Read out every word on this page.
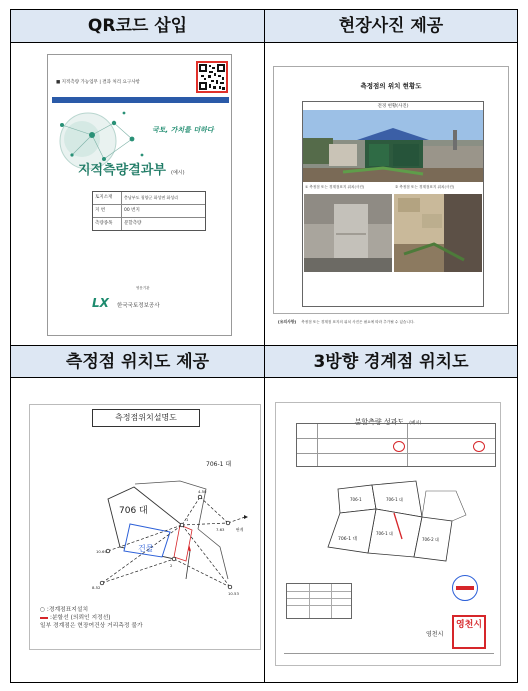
QR코드 삽입
■ 지적측량 가능업무 | 결과 처리 요구사항
국토, 가치를 더하다
지적측량결과부 (예시)
토지소재	충남부도 청양군 화성면 화성리
지 번	00 번지
측량종목	분할측량
영문기관
LX 한국국토정보공사
현장사진 제공
측정점의 위치 현황도
전경 현황(사진)
① 측정점 또는 경계점표지 위치(사진)	② 측정점 또는 경계점표지 위치(사진)
[유의사항] 측정점 또는 경계점 표지의 위치 사진은 필요에 따라 추가될 수 있습니다.
측정점 위치도 제공
측정점위치설명도
1
2
10.69
8.52
10.53
4.50
7.63	판게
706 대
706-1 대
건물
○ :경계점표지설치
:분할선 (의뢰인 지정선)
일부 경계점은 현장여건상 거리측정 불가
3방향 경계점 위치도
분할측량 성과도 (예시)
706-1	706-1 대
706-2 대
706-1 대
706-1 대
영천시
영천시
